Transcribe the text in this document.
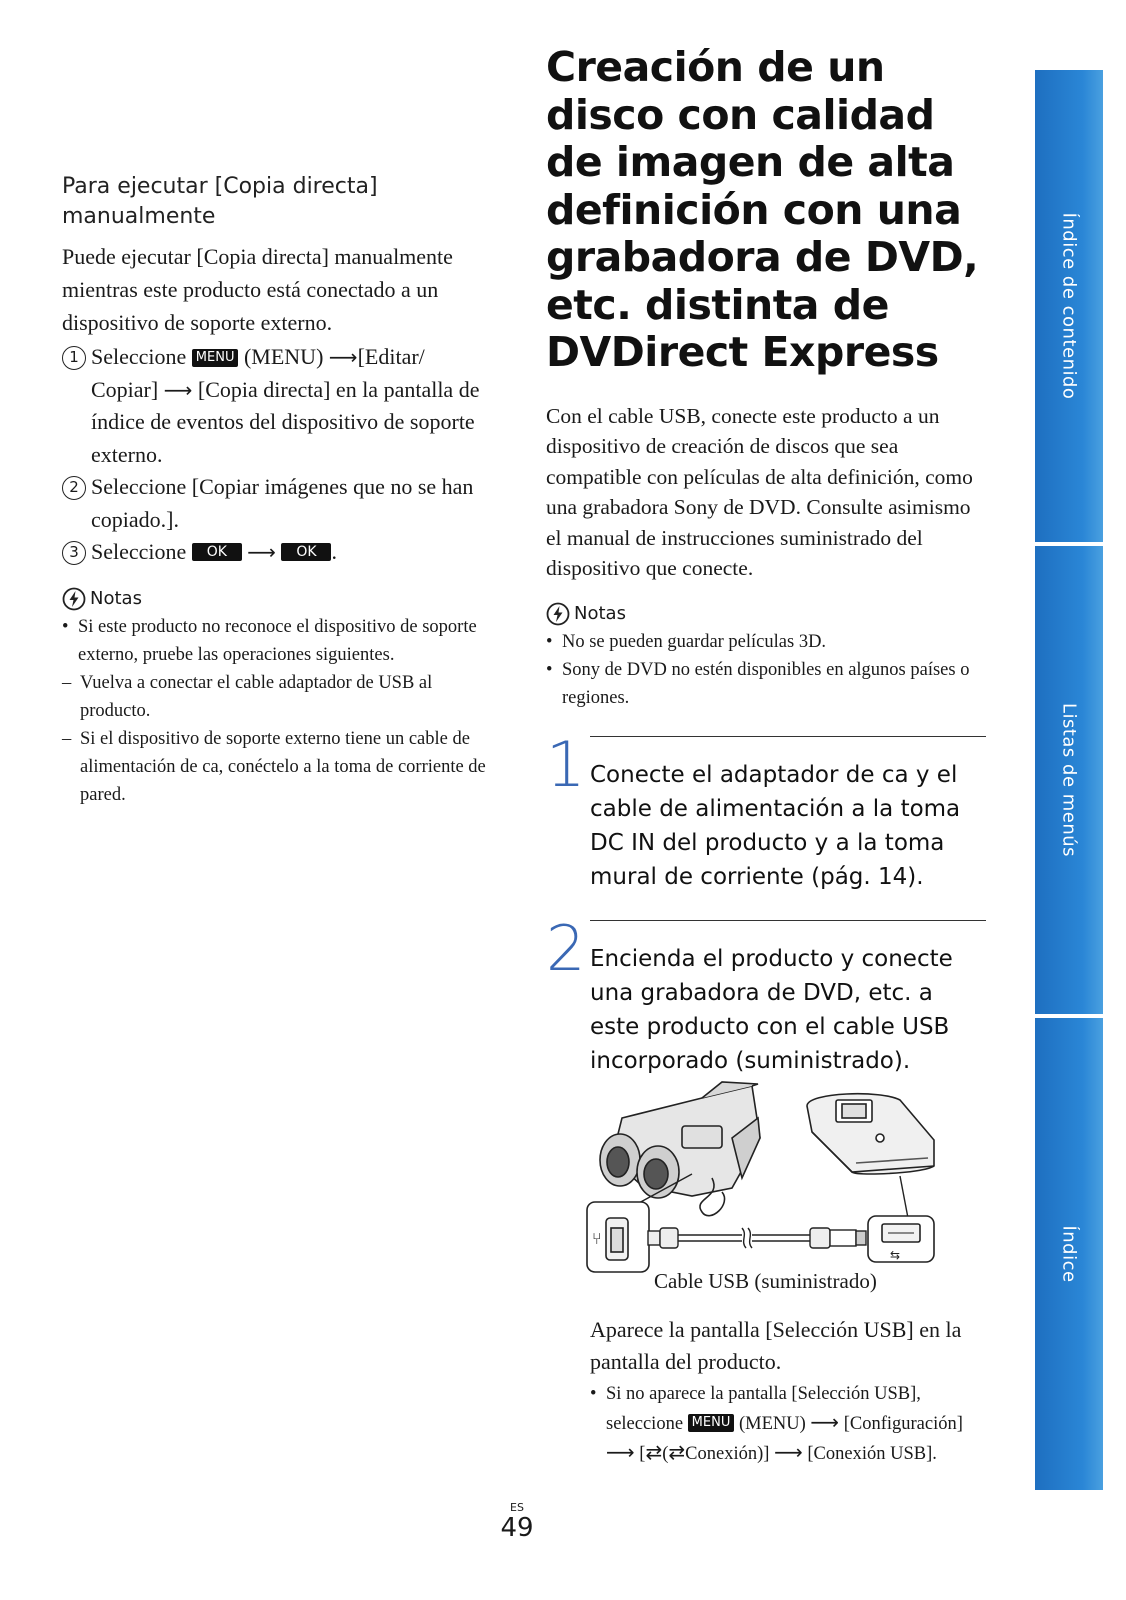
Para ejecutar [Copia directa] manualmente

Puede ejecutar [Copia directa] manualmente mientras este producto está conectado a un dispositivo de soporte externo.

1 Seleccione MENU (MENU) ⟶[Editar/ Copiar] ⟶ [Copia directa] en la pantalla de índice de eventos del dispositivo de soporte externo.
2 Seleccione [Copiar imágenes que no se han copiado.].
3 Seleccione OK ⟶ OK .
Notas
• Si este producto no reconoce el dispositivo de soporte externo, pruebe las operaciones siguientes.
– Vuelva a conectar el cable adaptador de USB al producto.
– Si el dispositivo de soporte externo tiene un cable de alimentación de ca, conéctelo a la toma de corriente de pared.
Creación de un disco con calidad de imagen de alta definición con una grabadora de DVD, etc. distinta de DVDirect Express

Con el cable USB, conecte este producto a un dispositivo de creación de discos que sea compatible con películas de alta definición, como una grabadora Sony de DVD. Consulte asimismo el manual de instrucciones suministrado del dispositivo que conecte.

Notas
• No se pueden guardar películas 3D.
• Sony de DVD no estén disponibles en algunos países o regiones.
1 Conecte el adaptador de ca y el cable de alimentación a la toma DC IN del producto y a la toma mural de corriente (pág. 14).
2 Encienda el producto y conecte una grabadora de DVD, etc. a este producto con el cable USB incorporado (suministrado).
⑂
⇆
Cable USB (suministrado)

Aparece la pantalla [Selección USB] en la pantalla del producto.

• Si no aparece la pantalla [Selección USB], seleccione MENU (MENU) ⟶ [Configuración] ⟶ [⇄(⇄Conexión)] ⟶ [Conexión USB].
Índice de contenido
Listas de menús
Índice
ES
49
